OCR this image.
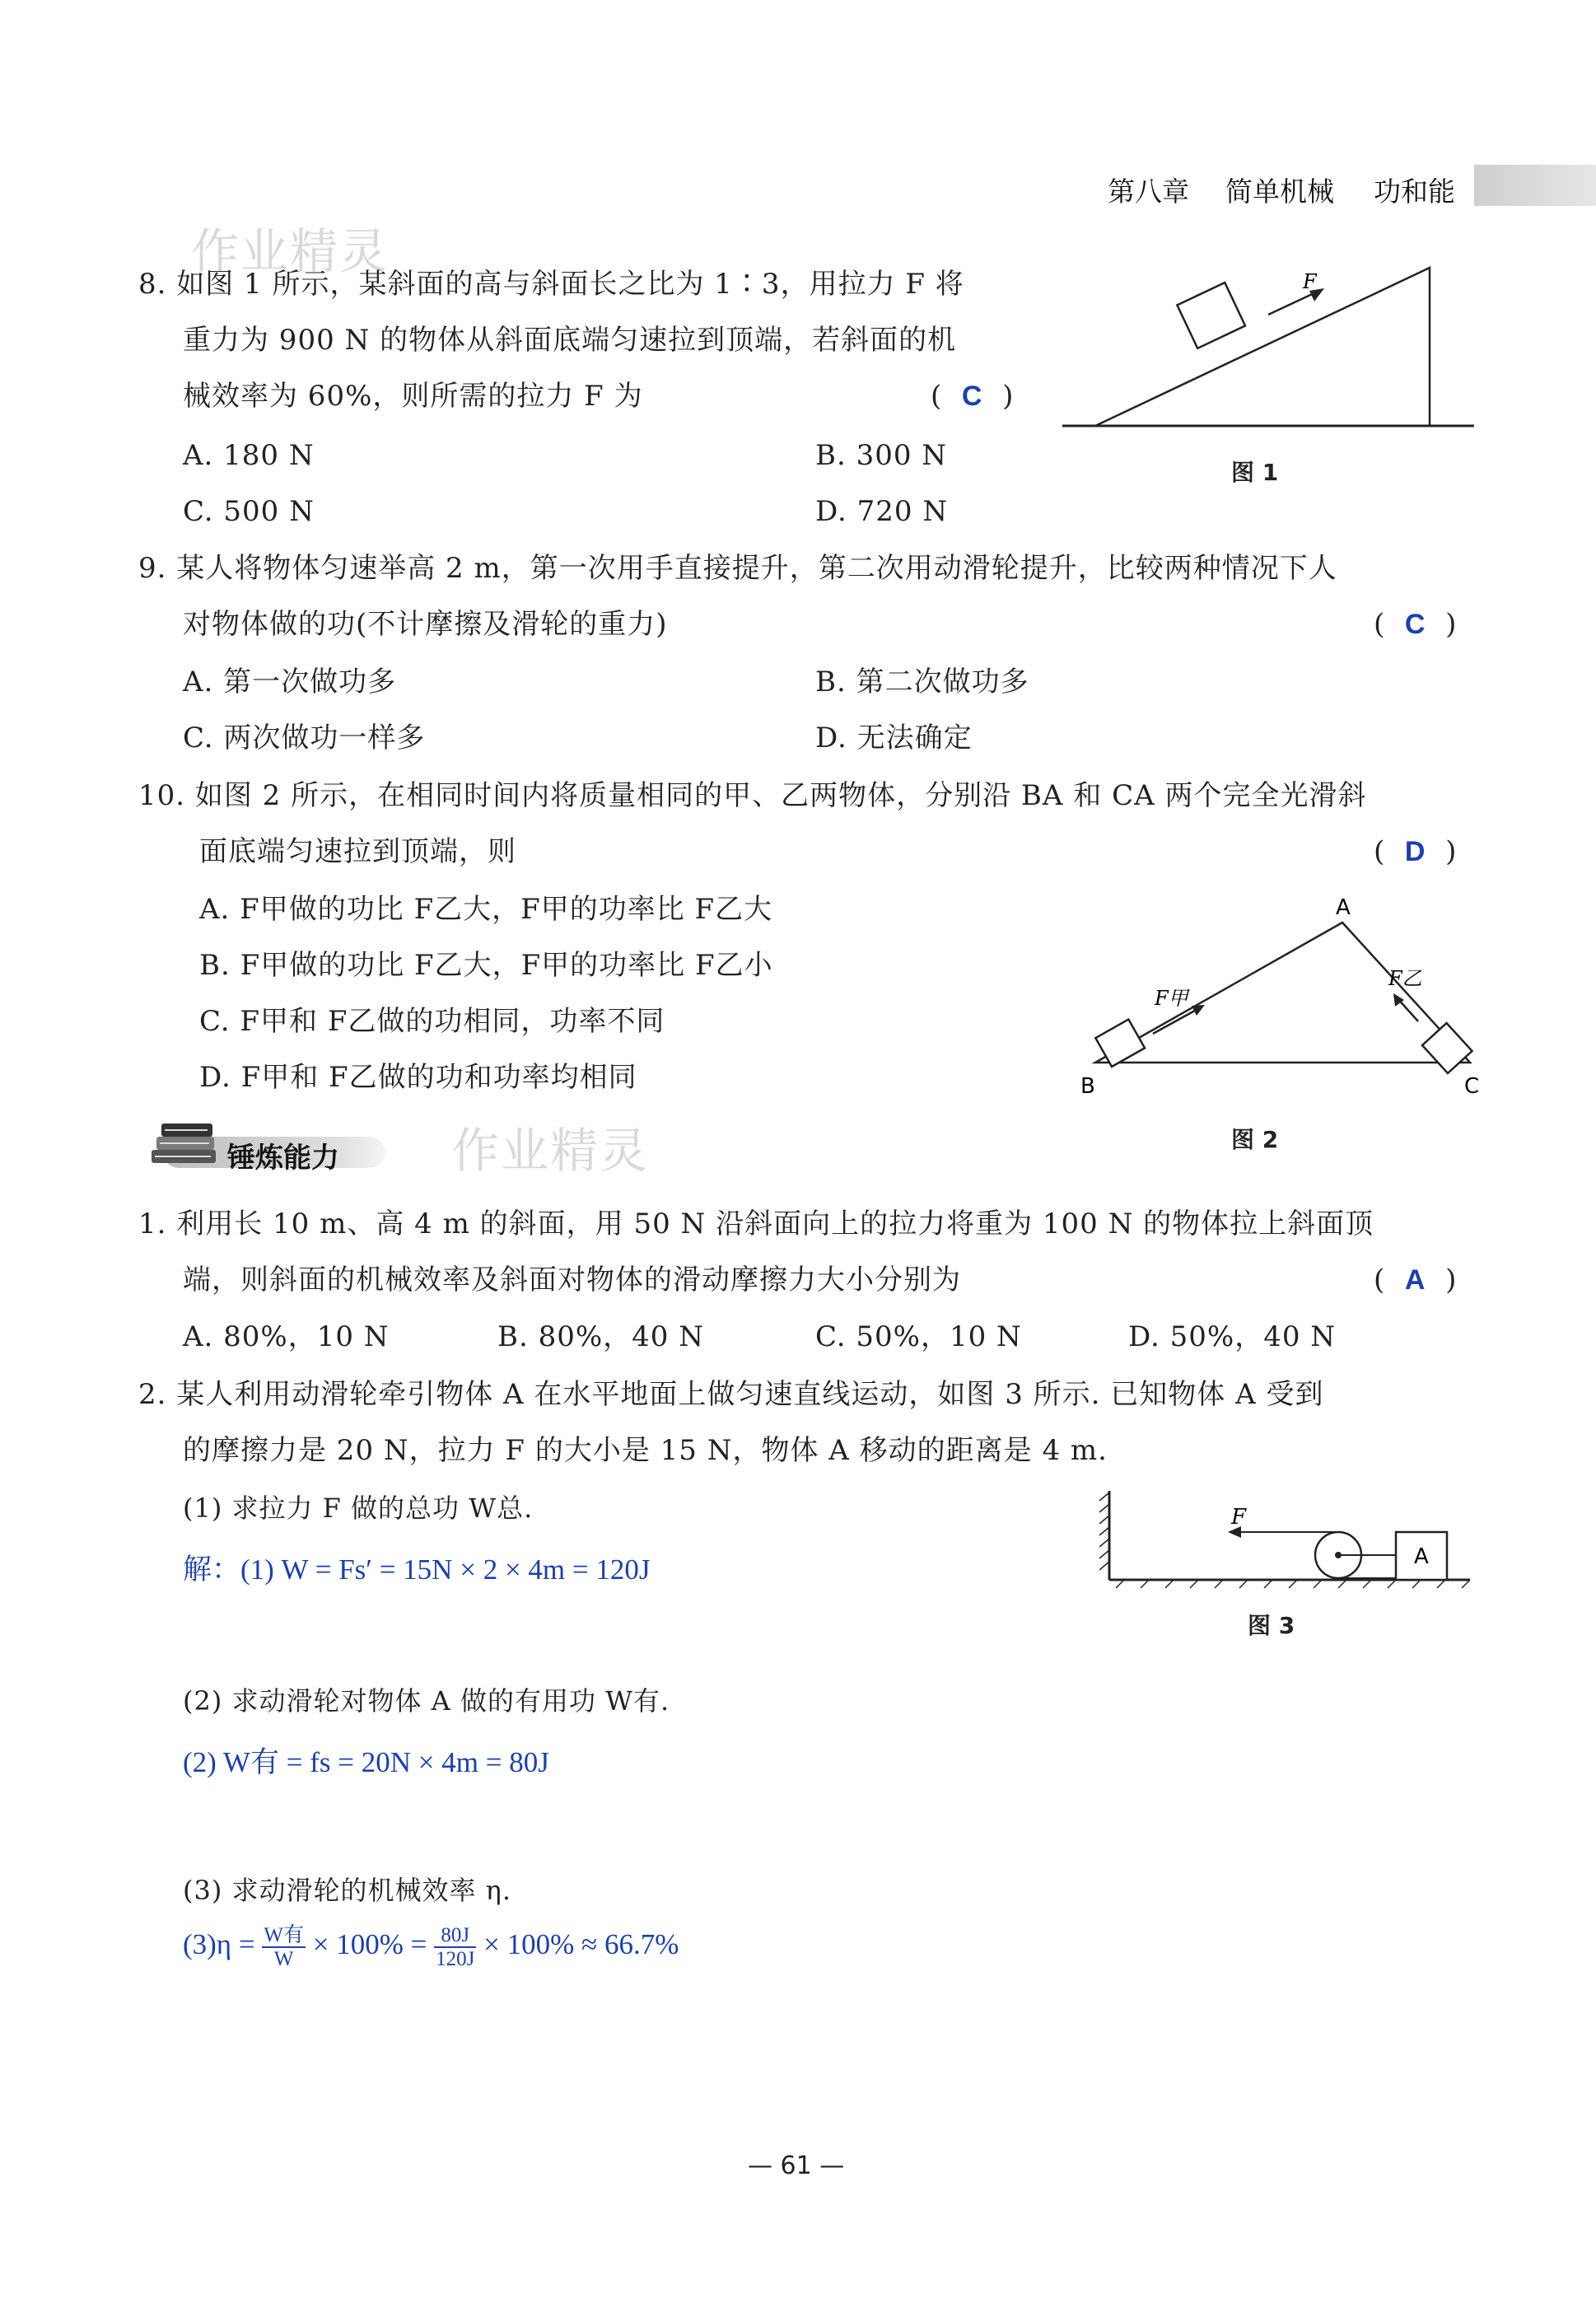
第八章 简单机械 功和能
作业精灵
作业精灵
8. 如图 1 所示，某斜面的高与斜面长之比为 1∶3，用拉力 F 将
重力为 900 N 的物体从斜面底端匀速拉到顶端，若斜面的机
械效率为 60%，则所需的拉力 F 为	(  C  )
A. 180 N	B. 300 N
C. 500 N	D. 720 N
F
图 1
9. 某人将物体匀速举高 2 m，第一次用手直接提升，第二次用动滑轮提升，比较两种情况下人
对物体做的功(不计摩擦及滑轮的重力)	(  C  )
A. 第一次做功多	B. 第二次做功多
C. 两次做功一样多	D. 无法确定
10. 如图 2 所示，在相同时间内将质量相同的甲、乙两物体，分别沿 BA 和 CA 两个完全光滑斜
面底端匀速拉到顶端，则	(  D  )
A. F甲做的功比 F乙大，F甲的功率比 F乙大
B. F甲做的功比 F乙大，F甲的功率比 F乙小
C. F甲和 F乙做的功相同，功率不同
D. F甲和 F乙做的功和功率均相同
A
B	C
F甲
F乙
图 2
锤炼能力
1. 利用长 10 m、高 4 m 的斜面，用 50 N 沿斜面向上的拉力将重为 100 N 的物体拉上斜面顶
端，则斜面的机械效率及斜面对物体的滑动摩擦力大小分别为	(  A  )
A. 80%，10 N	B. 80%，40 N	C. 50%，10 N	D. 50%，40 N
2. 某人利用动滑轮牵引物体 A 在水平地面上做匀速直线运动，如图 3 所示. 已知物体 A 受到
的摩擦力是 20 N，拉力 F 的大小是 15 N，物体 A 移动的距离是 4 m.
(1) 求拉力 F 做的总功 W总.
解：(1) W = Fs′ = 15N × 2 × 4m = 120J	A
F
图 3
(2) 求动滑轮对物体 A 做的有用功 W有.
(2) W有 = fs = 20N × 4m = 80J
(3) 求动滑轮的机械效率 η.
$(3)\eta = \frac{\text{W有}}{W} \times 100\% = \frac{80J}{120J} \times 100\% \approx 66.7\%$
— 61 —
